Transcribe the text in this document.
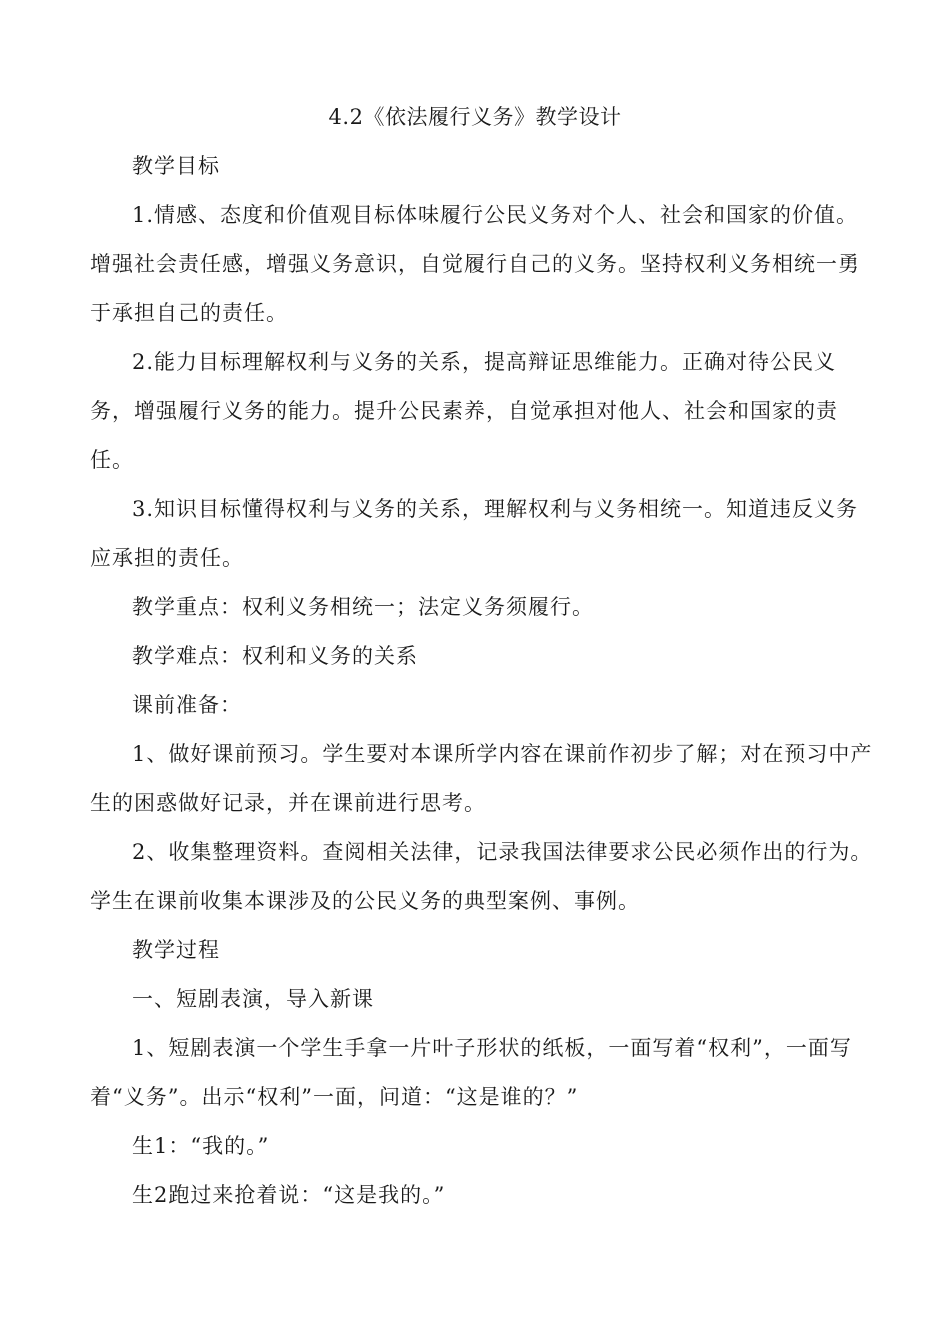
4.2《依法履行义务》教学设计

教学目标

1.情感、态度和价值观目标体味履行公民义务对个人、社会和国家的价值。增强社会责任感，增强义务意识，自觉履行自己的义务。坚持权利义务相统一勇于承担自己的责任。

2.能力目标理解权利与义务的关系，提高辩证思维能力。正确对待公民义务，增强履行义务的能力。提升公民素养，自觉承担对他人、社会和国家的责任。

3.知识目标懂得权利与义务的关系，理解权利与义务相统一。知道违反义务应承担的责任。

教学重点：权利义务相统一；法定义务须履行。

教学难点：权利和义务的关系

课前准备：

1、做好课前预习。学生要对本课所学内容在课前作初步了解；对在预习中产生的困惑做好记录，并在课前进行思考。

2、收集整理资料。查阅相关法律，记录我国法律要求公民必须作出的行为。学生在课前收集本课涉及的公民义务的典型案例、事例。

教学过程

一、短剧表演，导入新课

1、短剧表演一个学生手拿一片叶子形状的纸板，一面写着“权利”，一面写着“义务”。出示“权利”一面，问道：“这是谁的？”

生1：“我的。”

生2跑过来抢着说：“这是我的。”
